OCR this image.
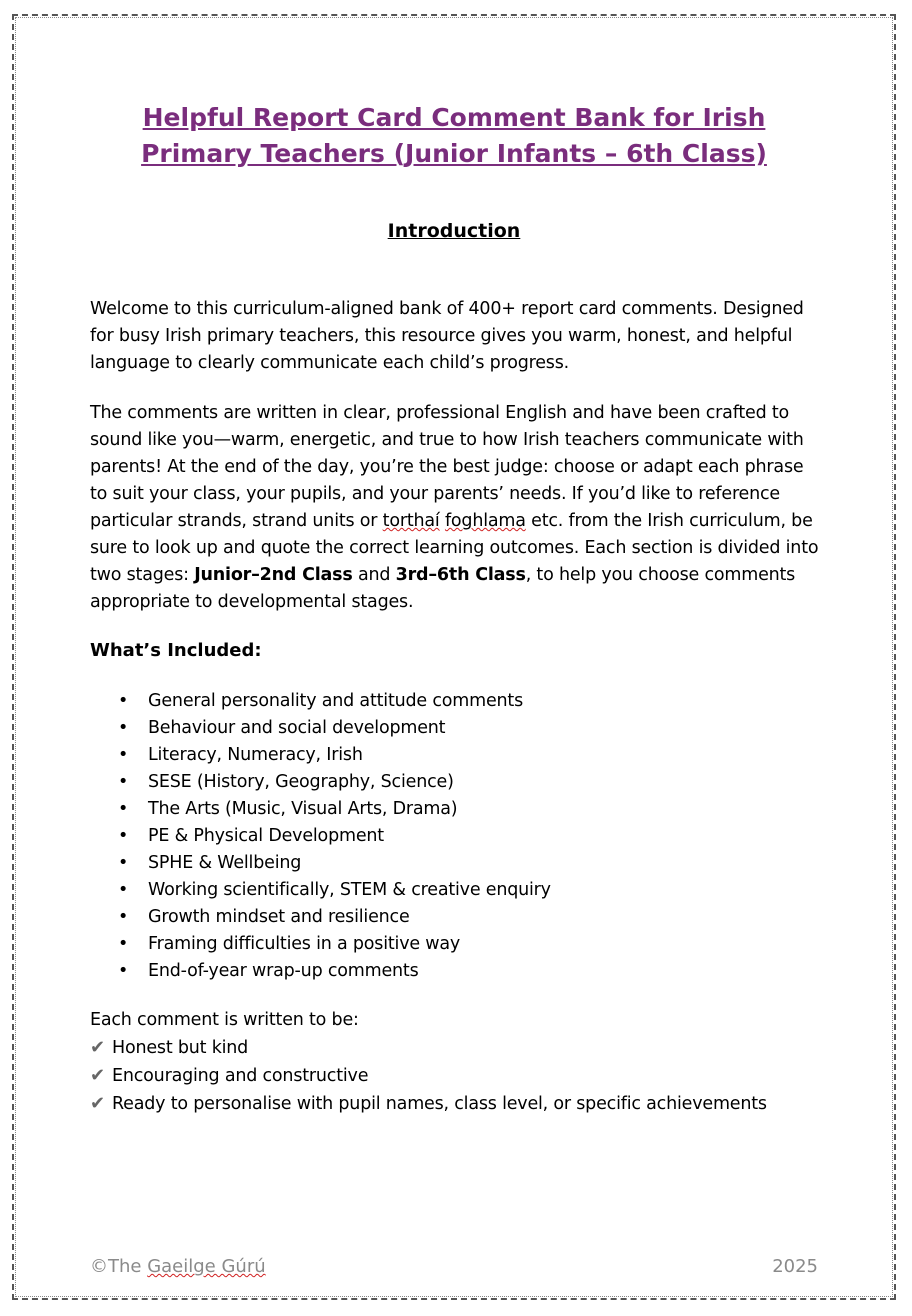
Helpful Report Card Comment Bank for Irish Primary Teachers (Junior Infants – 6th Class)
Introduction

Welcome to this curriculum-aligned bank of 400+ report card comments. Designed for busy Irish primary teachers, this resource gives you warm, honest, and helpful language to clearly communicate each child’s progress.

The comments are written in clear, professional English and have been crafted to sound like you—warm, energetic, and true to how Irish teachers communicate with parents! At the end of the day, you’re the best judge: choose or adapt each phrase to suit your class, your pupils, and your parents’ needs. If you’d like to reference particular strands, strand units or torthaí foghlama etc. from the Irish curriculum, be sure to look up and quote the correct learning outcomes. Each section is divided into two stages: Junior–2nd Class and 3rd–6th Class, to help you choose comments appropriate to developmental stages.

What’s Included:
• General personality and attitude comments
• Behaviour and social development
• Literacy, Numeracy, Irish
• SESE (History, Geography, Science)
• The Arts (Music, Visual Arts, Drama)
• PE & Physical Development
• SPHE & Wellbeing
• Working scientifically, STEM & creative enquiry
• Growth mindset and resilience
• Framing difficulties in a positive way
• End-of-year wrap-up comments

Each comment is written to be:

✔ Honest but kind
✔ Encouraging and constructive
✔ Ready to personalise with pupil names, class level, or specific achievements
©The Gaeilge Gúrú	2025
